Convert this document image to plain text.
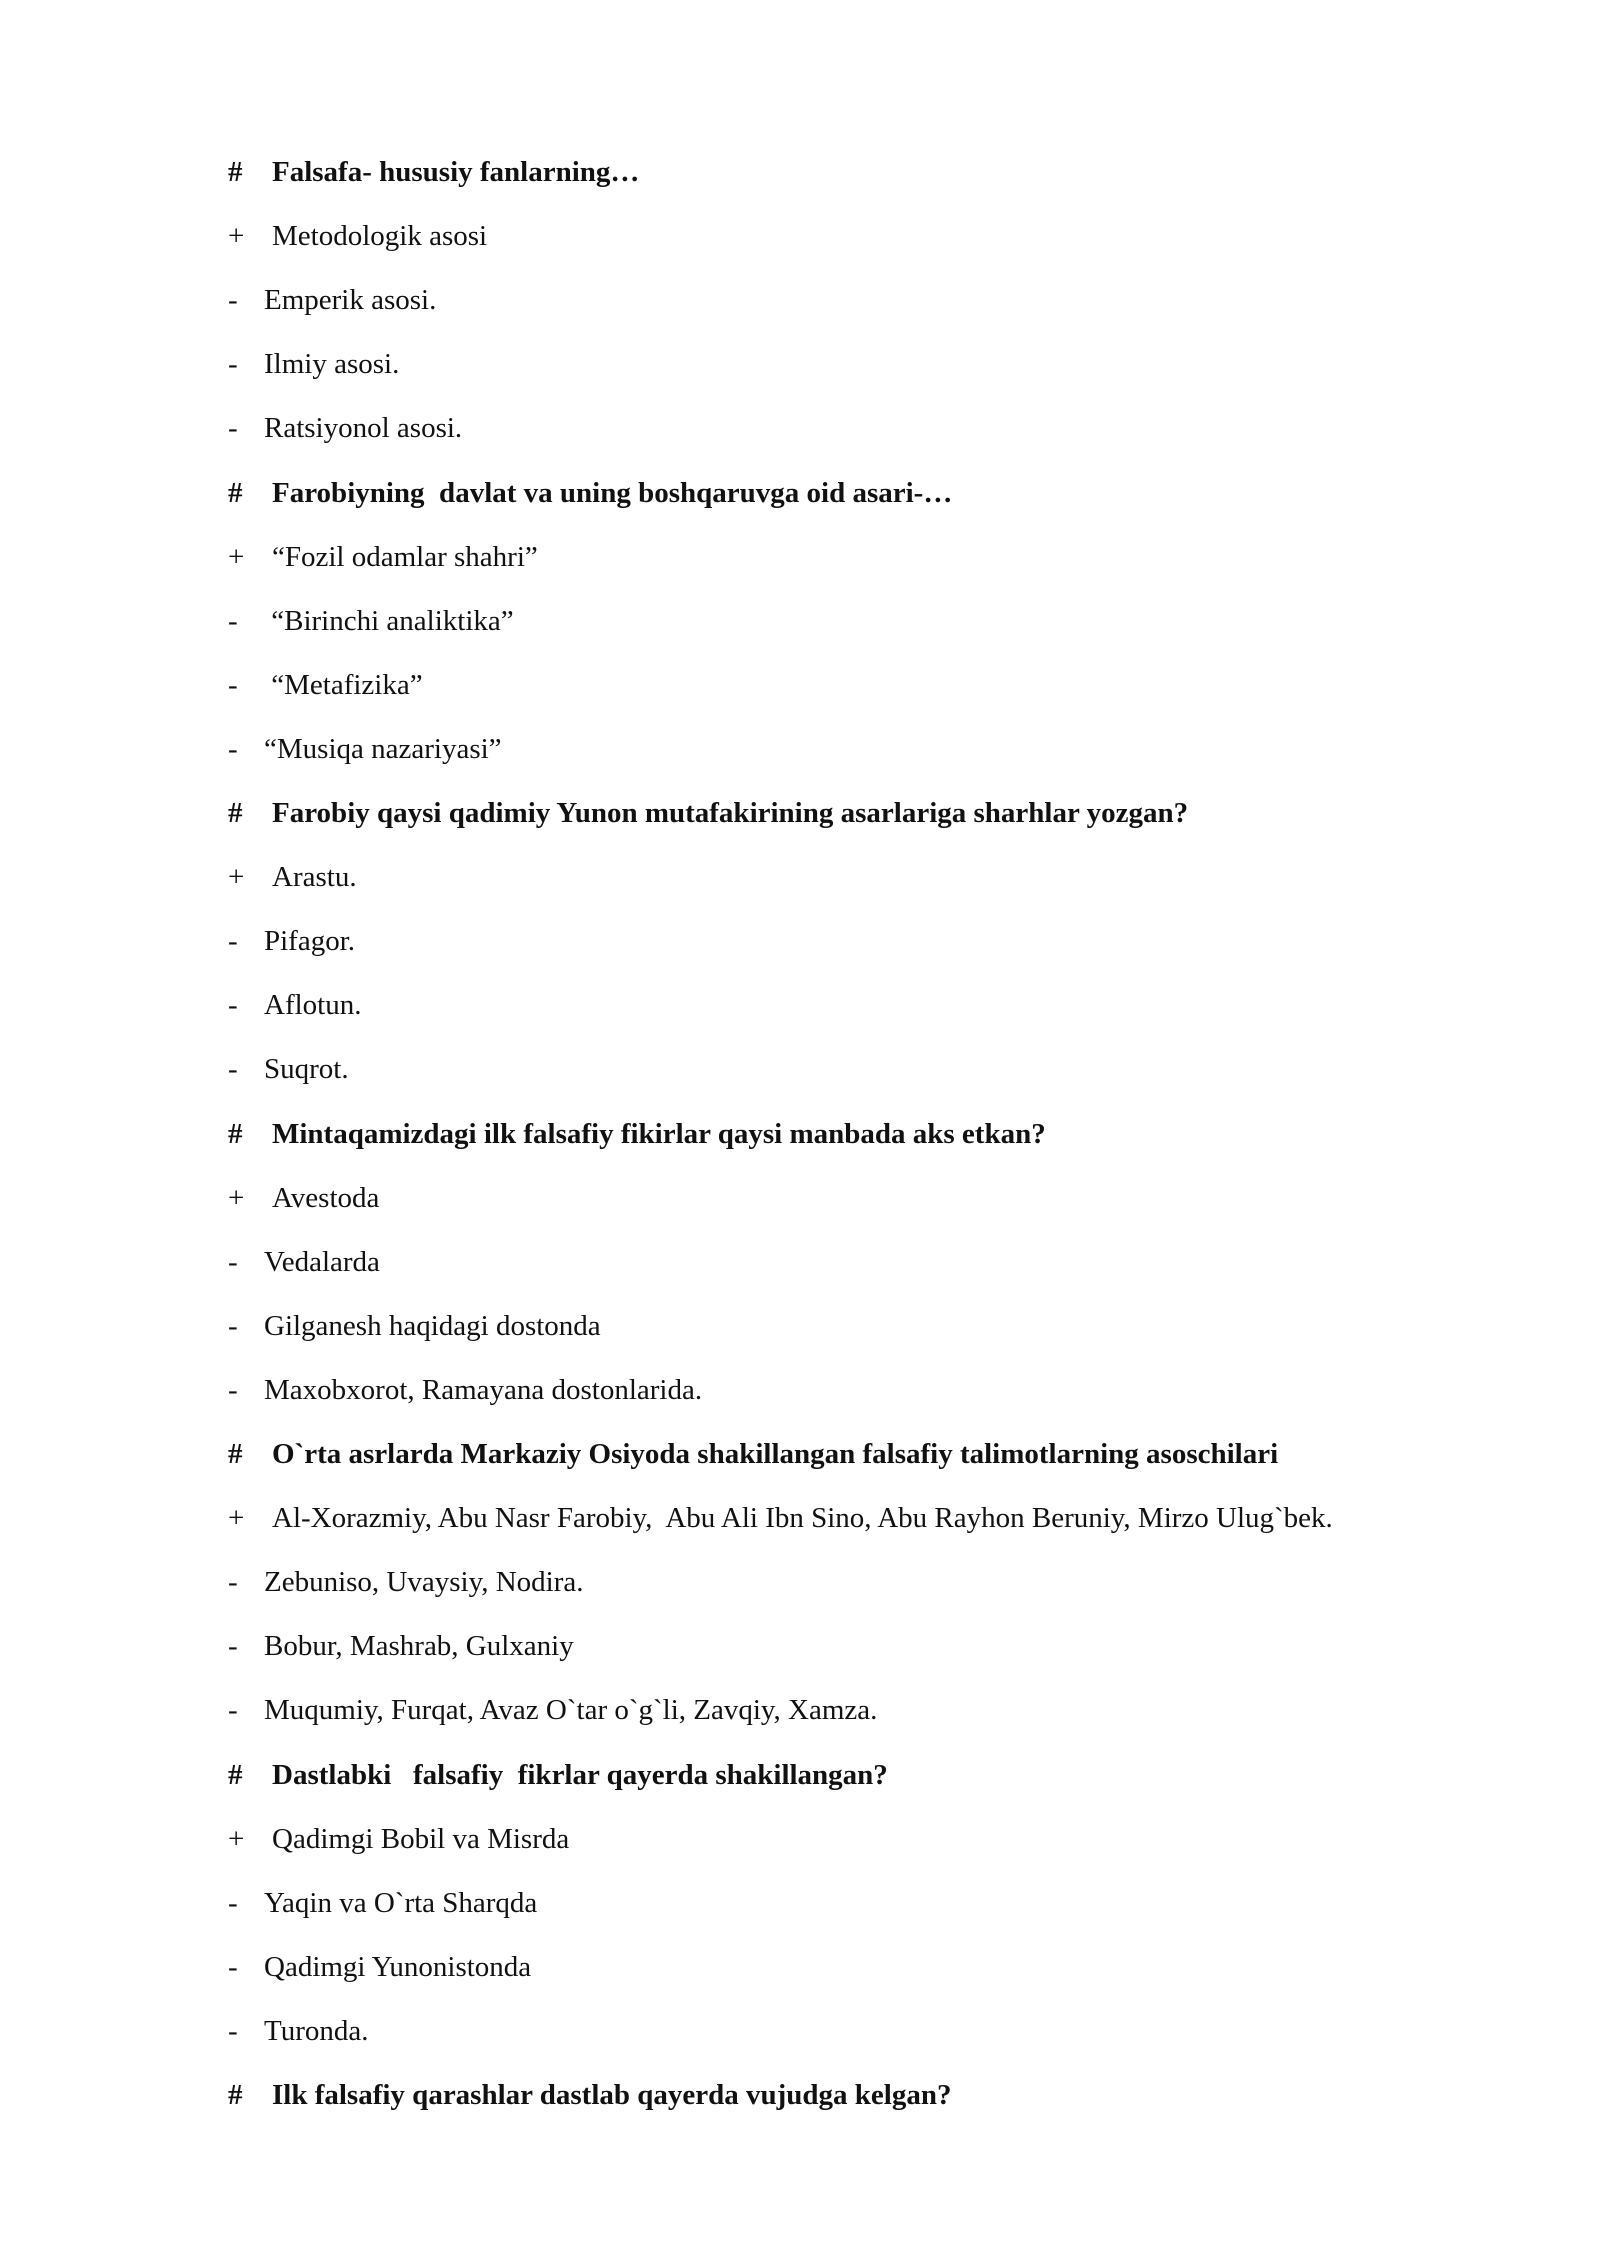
# Falsafa- hususiy fanlarning…
+ Metodologik asosi
- Emperik asosi.
- Ilmiy asosi.
- Ratsiyonol asosi.
# Farobiyning  davlat va uning boshqaruvga oid asari-…
+ “Fozil odamlar shahri”
- “Birinchi analiktika”
- “Metafizika”
- “Musiqa nazariyasi”
# Farobiy qaysi qadimiy Yunon mutafakirining asarlariga sharhlar yozgan?
+ Arastu.
- Pifagor.
- Aflotun.
- Suqrot.
# Mintaqamizdagi ilk falsafiy fikirlar qaysi manbada aks etkan?
+ Avestoda
- Vedalarda
- Gilganesh haqidagi dostonda
- Maxobxorot, Ramayana dostonlarida.
# O`rta asrlarda Markaziy Osiyoda shakillangan falsafiy talimotlarning asoschilari
+ Al-Xorazmiy, Abu Nasr Farobiy,  Abu Ali Ibn Sino, Abu Rayhon Beruniy, Mirzo Ulug`bek.
- Zebuniso, Uvaysiy, Nodira.
- Bobur, Mashrab, Gulxaniy
- Muqumiy, Furqat, Avaz O`tar o`g`li, Zavqiy, Xamza.
# Dastlabki   falsafiy  fikrlar qayerda shakillangan?
+ Qadimgi Bobil va Misrda
- Yaqin va O`rta Sharqda
- Qadimgi Yunonistonda
- Turonda.
# Ilk falsafiy qarashlar dastlab qayerda vujudga kelgan?
